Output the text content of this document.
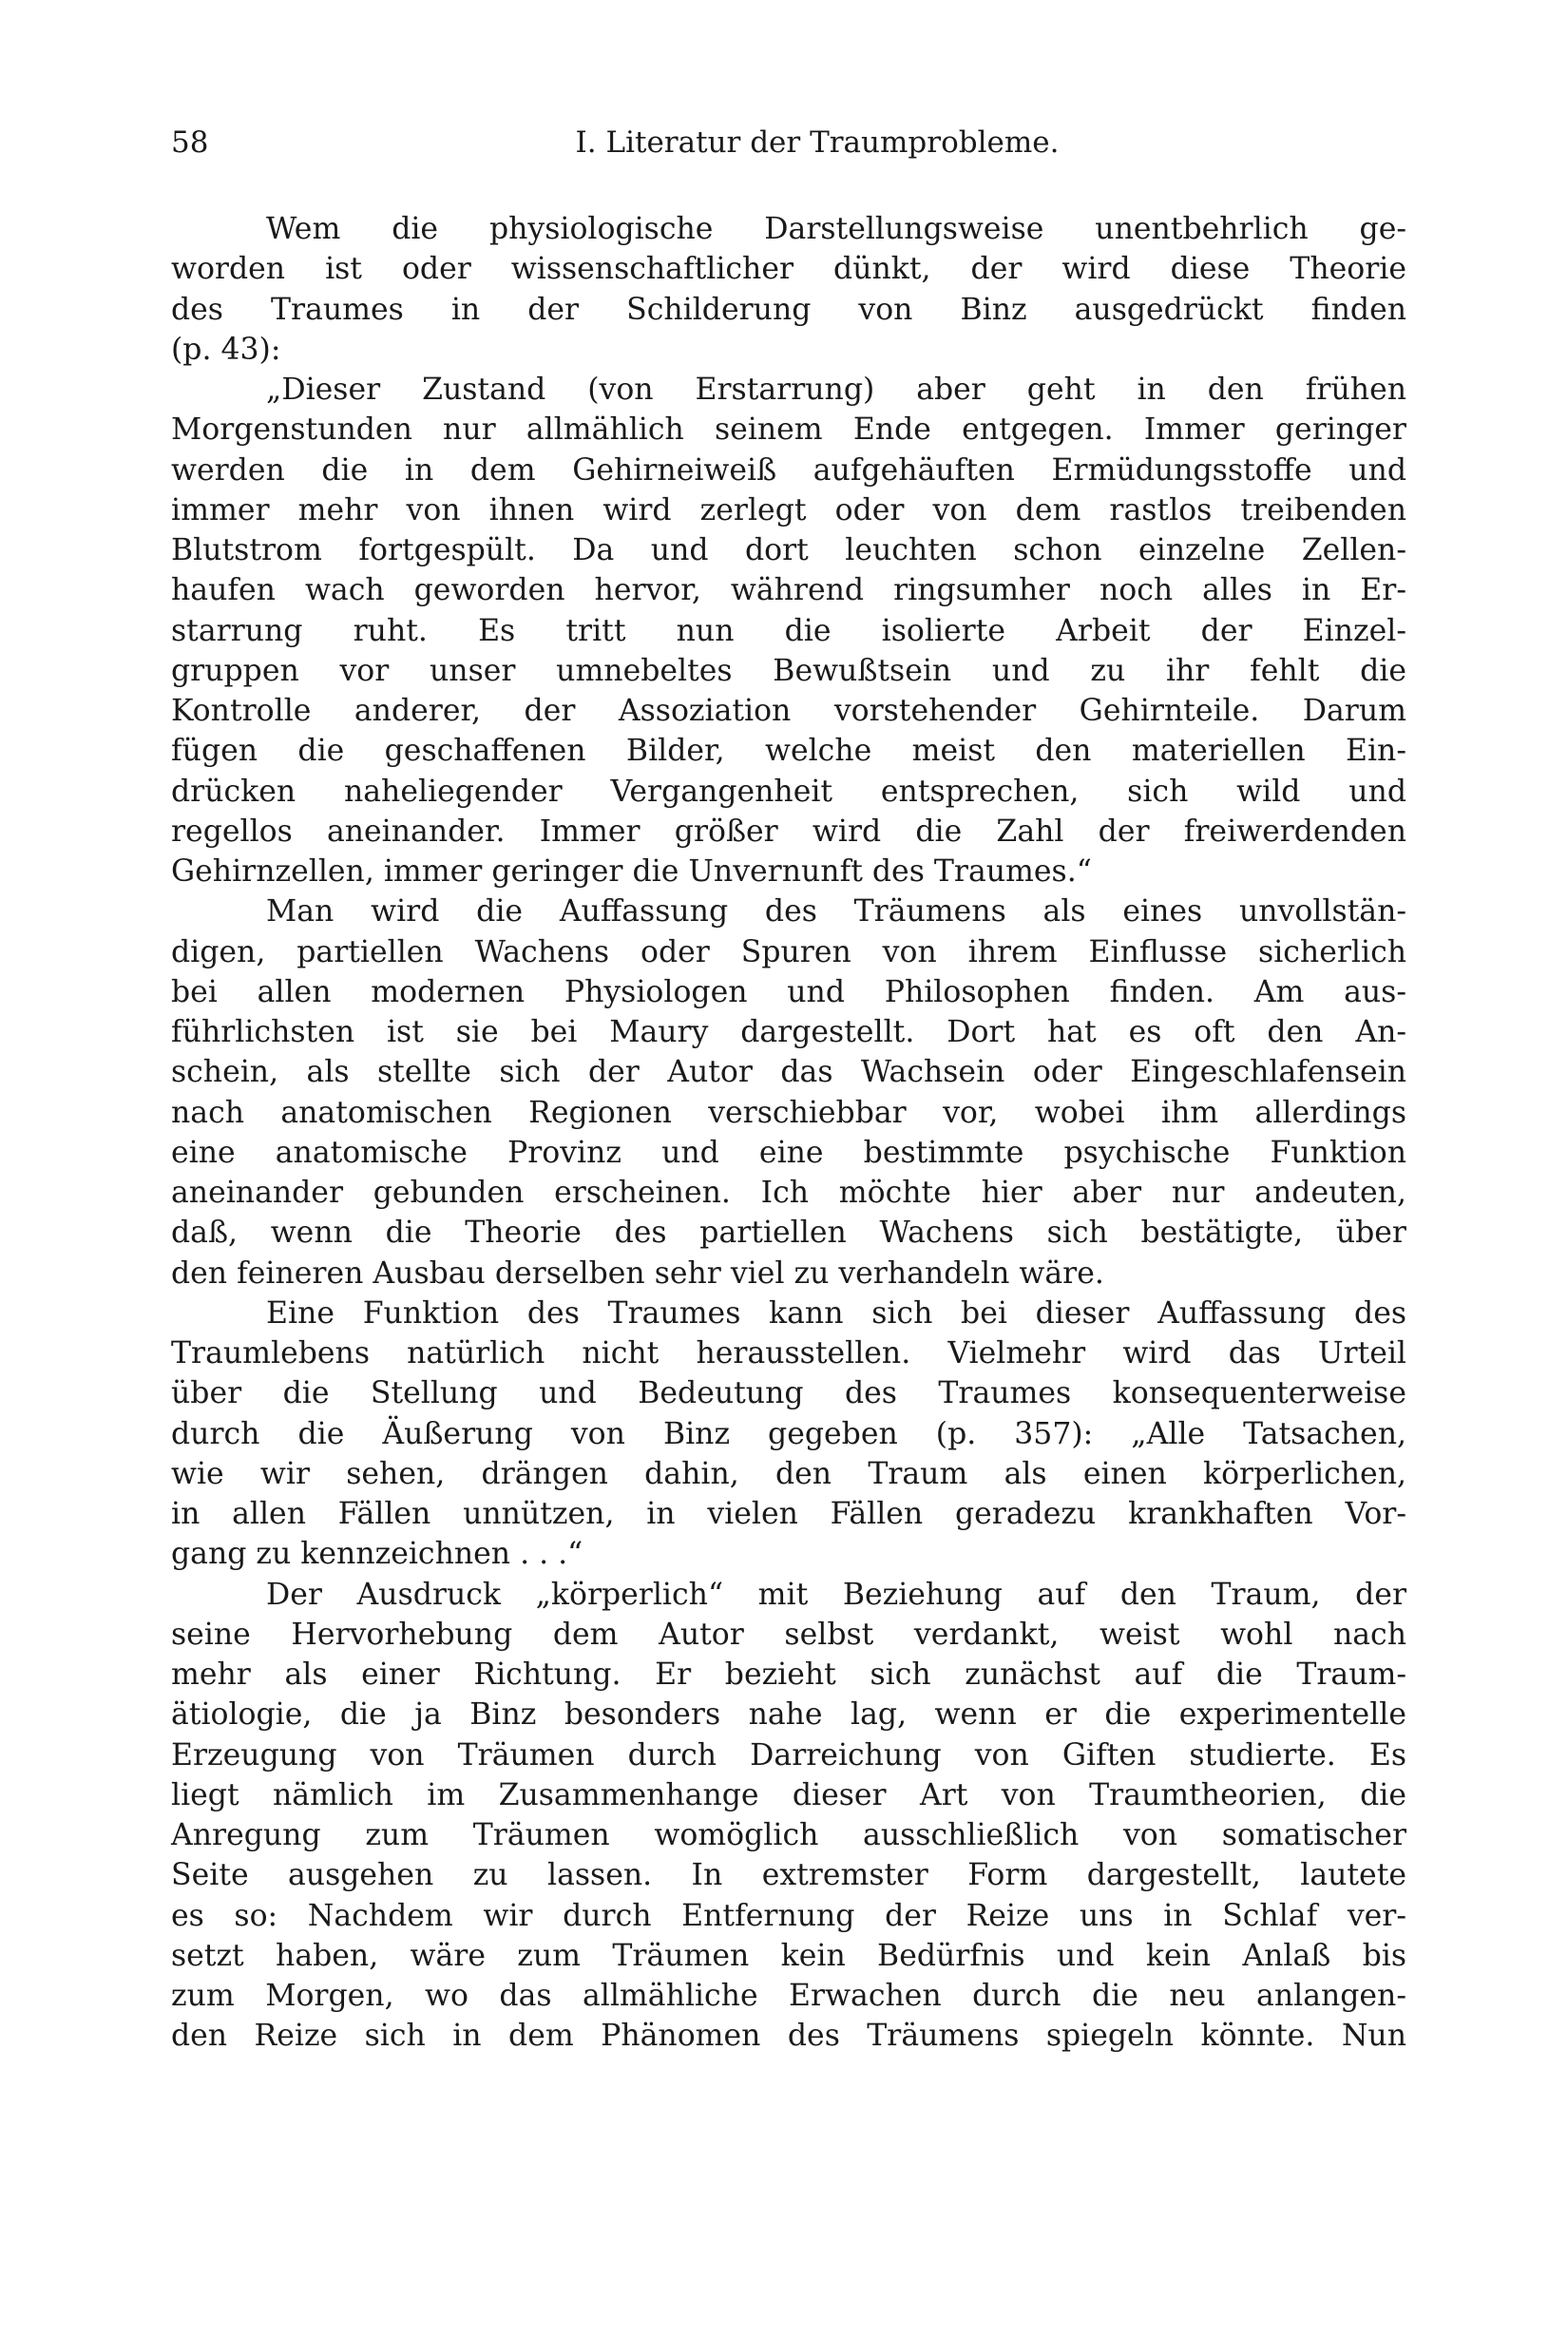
58	I. Literatur der Traumprobleme.

Wem die physiologische Darstellungsweise unentbehrlich ge-
worden ist oder wissenschaftlicher dünkt, der wird diese Theorie
des Traumes in der Schilderung von Binz ausgedrückt finden
(p. 43):

„Dieser Zustand (von Erstarrung) aber geht in den frühen
Morgenstunden nur allmählich seinem Ende entgegen. Immer geringer
werden die in dem Gehirneiweiß aufgehäuften Ermüdungsstoffe und
immer mehr von ihnen wird zerlegt oder von dem rastlos treibenden
Blutstrom fortgespült. Da und dort leuchten schon einzelne Zellen-
haufen wach geworden hervor, während ringsumher noch alles in Er-
starrung ruht. Es tritt nun die isolierte Arbeit der Einzel-
gruppen vor unser umnebeltes Bewußtsein und zu ihr fehlt die
Kontrolle anderer, der Assoziation vorstehender Gehirnteile. Darum
fügen die geschaffenen Bilder, welche meist den materiellen Ein-
drücken naheliegender Vergangenheit entsprechen, sich wild und
regellos aneinander. Immer größer wird die Zahl der freiwerdenden
Gehirnzellen, immer geringer die Unvernunft des Traumes.“

Man wird die Auffassung des Träumens als eines unvollstän-
digen, partiellen Wachens oder Spuren von ihrem Einflusse sicherlich
bei allen modernen Physiologen und Philosophen finden. Am aus-
führlichsten ist sie bei Maury dargestellt. Dort hat es oft den An-
schein, als stellte sich der Autor das Wachsein oder Eingeschlafensein
nach anatomischen Regionen verschiebbar vor, wobei ihm allerdings
eine anatomische Provinz und eine bestimmte psychische Funktion
aneinander gebunden erscheinen. Ich möchte hier aber nur andeuten,
daß, wenn die Theorie des partiellen Wachens sich bestätigte, über
den feineren Ausbau derselben sehr viel zu verhandeln wäre.

Eine Funktion des Traumes kann sich bei dieser Auffassung des
Traumlebens natürlich nicht herausstellen. Vielmehr wird das Urteil
über die Stellung und Bedeutung des Traumes konsequenterweise
durch die Äußerung von Binz gegeben (p. 357): „Alle Tatsachen,
wie wir sehen, drängen dahin, den Traum als einen körperlichen,
in allen Fällen unnützen, in vielen Fällen geradezu krankhaften Vor-
gang zu kennzeichnen . . .“

Der Ausdruck „körperlich“ mit Beziehung auf den Traum, der
seine Hervorhebung dem Autor selbst verdankt, weist wohl nach
mehr als einer Richtung. Er bezieht sich zunächst auf die Traum-
ätiologie, die ja Binz besonders nahe lag, wenn er die experimentelle
Erzeugung von Träumen durch Darreichung von Giften studierte. Es
liegt nämlich im Zusammenhange dieser Art von Traumtheorien, die
Anregung zum Träumen womöglich ausschließlich von somatischer
Seite ausgehen zu lassen. In extremster Form dargestellt, lautete
es so: Nachdem wir durch Entfernung der Reize uns in Schlaf ver-
setzt haben, wäre zum Träumen kein Bedürfnis und kein Anlaß bis
zum Morgen, wo das allmähliche Erwachen durch die neu anlangen-
den Reize sich in dem Phänomen des Träumens spiegeln könnte. Nun
